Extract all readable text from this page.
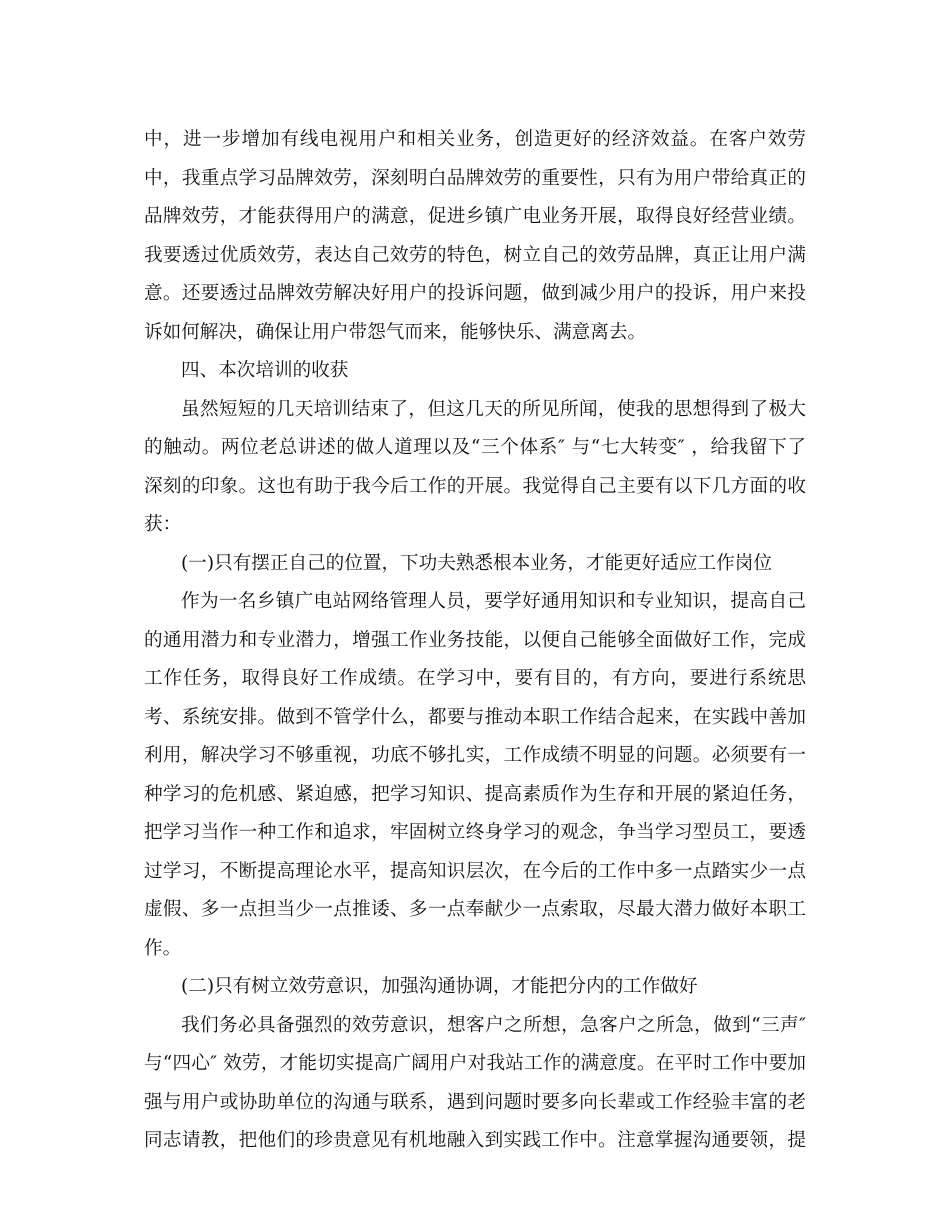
中，进一步增加有线电视用户和相关业务，创造更好的经济效益。在客户效劳
中，我重点学习品牌效劳，深刻明白品牌效劳的重要性，只有为用户带给真正的
品牌效劳，才能获得用户的满意，促进乡镇广电业务开展，取得良好经营业绩。
我要透过优质效劳，表达自己效劳的特色，树立自己的效劳品牌，真正让用户满
意。还要透过品牌效劳解决好用户的投诉问题，做到减少用户的投诉，用户来投
诉如何解决，确保让用户带怨气而来，能够快乐、满意离去。
四、本次培训的收获
虽然短短的几天培训结束了，但这几天的所见所闻，使我的思想得到了极大
的触动。两位老总讲述的做人道理以及“三个体系″ 与“七大转变″ ，给我留下了
深刻的印象。这也有助于我今后工作的开展。我觉得自己主要有以下几方面的收
获：
(一)只有摆正自己的位置，下功夫熟悉根本业务，才能更好适应工作岗位
作为一名乡镇广电站网络管理人员，要学好通用知识和专业知识，提高自己
的通用潜力和专业潜力，增强工作业务技能，以便自己能够全面做好工作，完成
工作任务，取得良好工作成绩。在学习中，要有目的，有方向，要进行系统思
考、系统安排。做到不管学什么，都要与推动本职工作结合起来，在实践中善加
利用，解决学习不够重视，功底不够扎实，工作成绩不明显的问题。必须要有一
种学习的危机感、紧迫感，把学习知识、提高素质作为生存和开展的紧迫任务，
把学习当作一种工作和追求，牢固树立终身学习的观念，争当学习型员工，要透
过学习，不断提高理论水平，提高知识层次，在今后的工作中多一点踏实少一点
虚假、多一点担当少一点推诿、多一点奉献少一点索取，尽最大潜力做好本职工
作。
(二)只有树立效劳意识，加强沟通协调，才能把分内的工作做好
我们务必具备强烈的效劳意识，想客户之所想，急客户之所急，做到“三声″
与“四心″ 效劳，才能切实提高广阔用户对我站工作的满意度。在平时工作中要加
强与用户或协助单位的沟通与联系，遇到问题时要多向长辈或工作经验丰富的老
同志请教，把他们的珍贵意见有机地融入到实践工作中。注意掌握沟通要领，提
